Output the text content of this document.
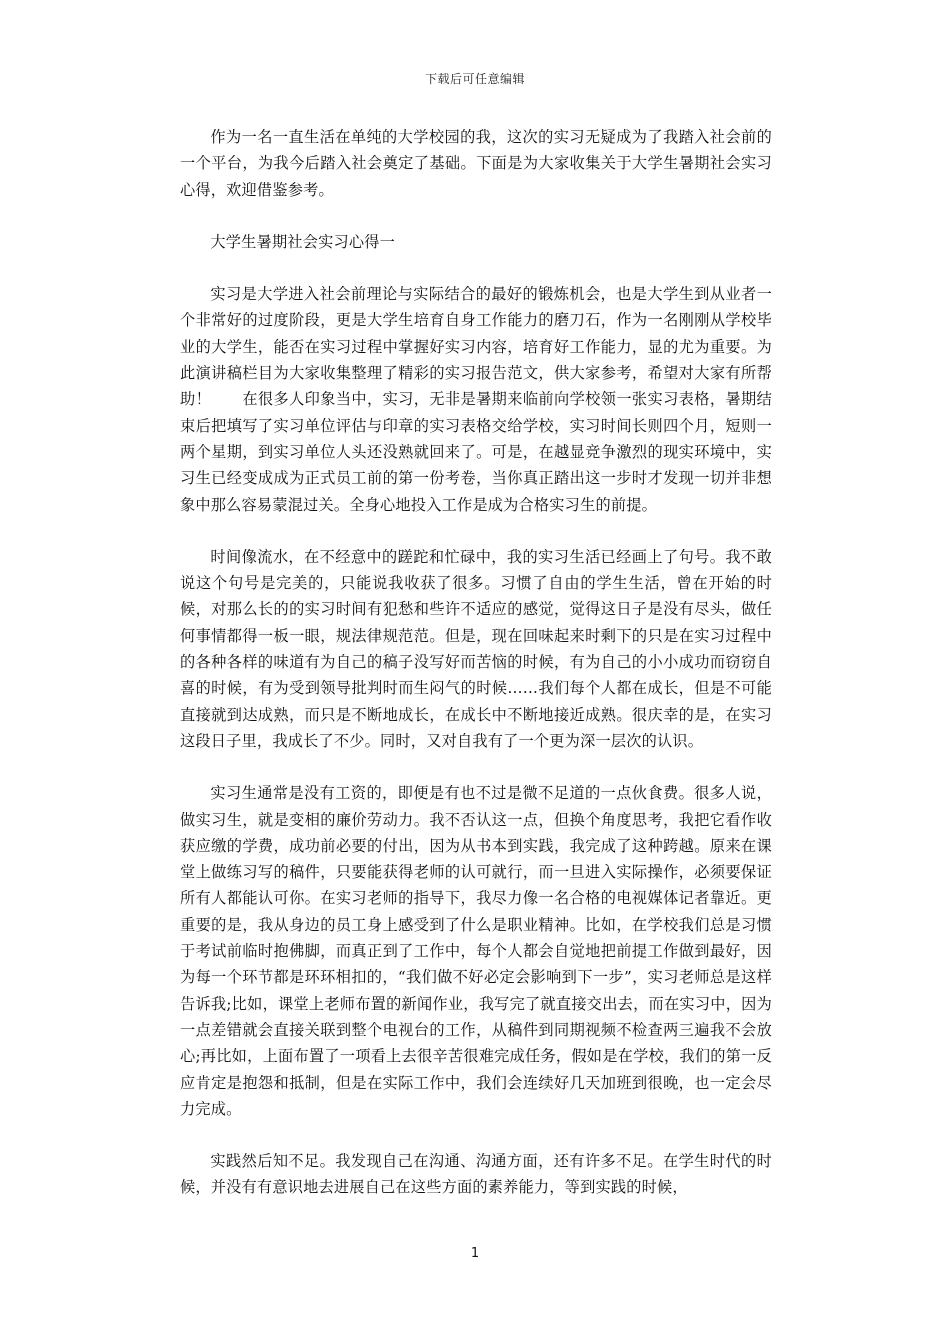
下载后可任意编辑

作为一名一直生活在单纯的大学校园的我，这次的实习无疑成为了我踏入社会前的一个平台，为我今后踏入社会奠定了基础。下面是为大家收集关于大学生暑期社会实习心得，欢迎借鉴参考。

大学生暑期社会实习心得一

实习是大学进入社会前理论与实际结合的最好的锻炼机会，也是大学生到从业者一个非常好的过度阶段，更是大学生培育自身工作能力的磨刀石，作为一名刚刚从学校毕业的大学生，能否在实习过程中掌握好实习内容，培育好工作能力，显的尤为重要。为此演讲稿栏目为大家收集整理了精彩的实习报告范文，供大家参考，希望对大家有所帮助！　　在很多人印象当中，实习，无非是暑期来临前向学校领一张实习表格，暑期结束后把填写了实习单位评估与印章的实习表格交给学校，实习时间长则四个月，短则一两个星期，到实习单位人头还没熟就回来了。可是，在越显竞争激烈的现实环境中，实习生已经变成成为正式员工前的第一份考卷，当你真正踏出这一步时才发现一切并非想象中那么容易蒙混过关。全身心地投入工作是成为合格实习生的前提。

时间像流水，在不经意中的蹉跎和忙碌中，我的实习生活已经画上了句号。我不敢说这个句号是完美的，只能说我收获了很多。习惯了自由的学生生活，曾在开始的时候，对那么长的的实习时间有犯愁和些许不适应的感觉，觉得这日子是没有尽头，做任何事情都得一板一眼，规法律规范范。但是，现在回味起来时剩下的只是在实习过程中的各种各样的味道有为自己的稿子没写好而苦恼的时候，有为自己的小小成功而窃窃自喜的时候，有为受到领导批判时而生闷气的时候……我们每个人都在成长，但是不可能直接就到达成熟，而只是不断地成长，在成长中不断地接近成熟。很庆幸的是，在实习这段日子里，我成长了不少。同时，又对自我有了一个更为深一层次的认识。

实习生通常是没有工资的，即便是有也不过是微不足道的一点伙食费。很多人说，做实习生，就是变相的廉价劳动力。我不否认这一点，但换个角度思考，我把它看作收获应缴的学费，成功前必要的付出，因为从书本到实践，我完成了这种跨越。原来在课堂上做练习写的稿件，只要能获得老师的认可就行，而一旦进入实际操作，必须要保证所有人都能认可你。在实习老师的指导下，我尽力像一名合格的电视媒体记者靠近。更重要的是，我从身边的员工身上感受到了什么是职业精神。比如，在学校我们总是习惯于考试前临时抱佛脚，而真正到了工作中，每个人都会自觉地把前提工作做到最好，因为每一个环节都是环环相扣的，“我们做不好必定会影响到下一步”，实习老师总是这样告诉我;比如，课堂上老师布置的新闻作业，我写完了就直接交出去，而在实习中，因为一点差错就会直接关联到整个电视台的工作，从稿件到同期视频不检查两三遍我不会放心;再比如，上面布置了一项看上去很辛苦很难完成任务，假如是在学校，我们的第一反应肯定是抱怨和抵制，但是在实际工作中，我们会连续好几天加班到很晚，也一定会尽力完成。

实践然后知不足。我发现自己在沟通、沟通方面，还有许多不足。在学生时代的时候，并没有有意识地去进展自己在这些方面的素养能力，等到实践的时候，

1
